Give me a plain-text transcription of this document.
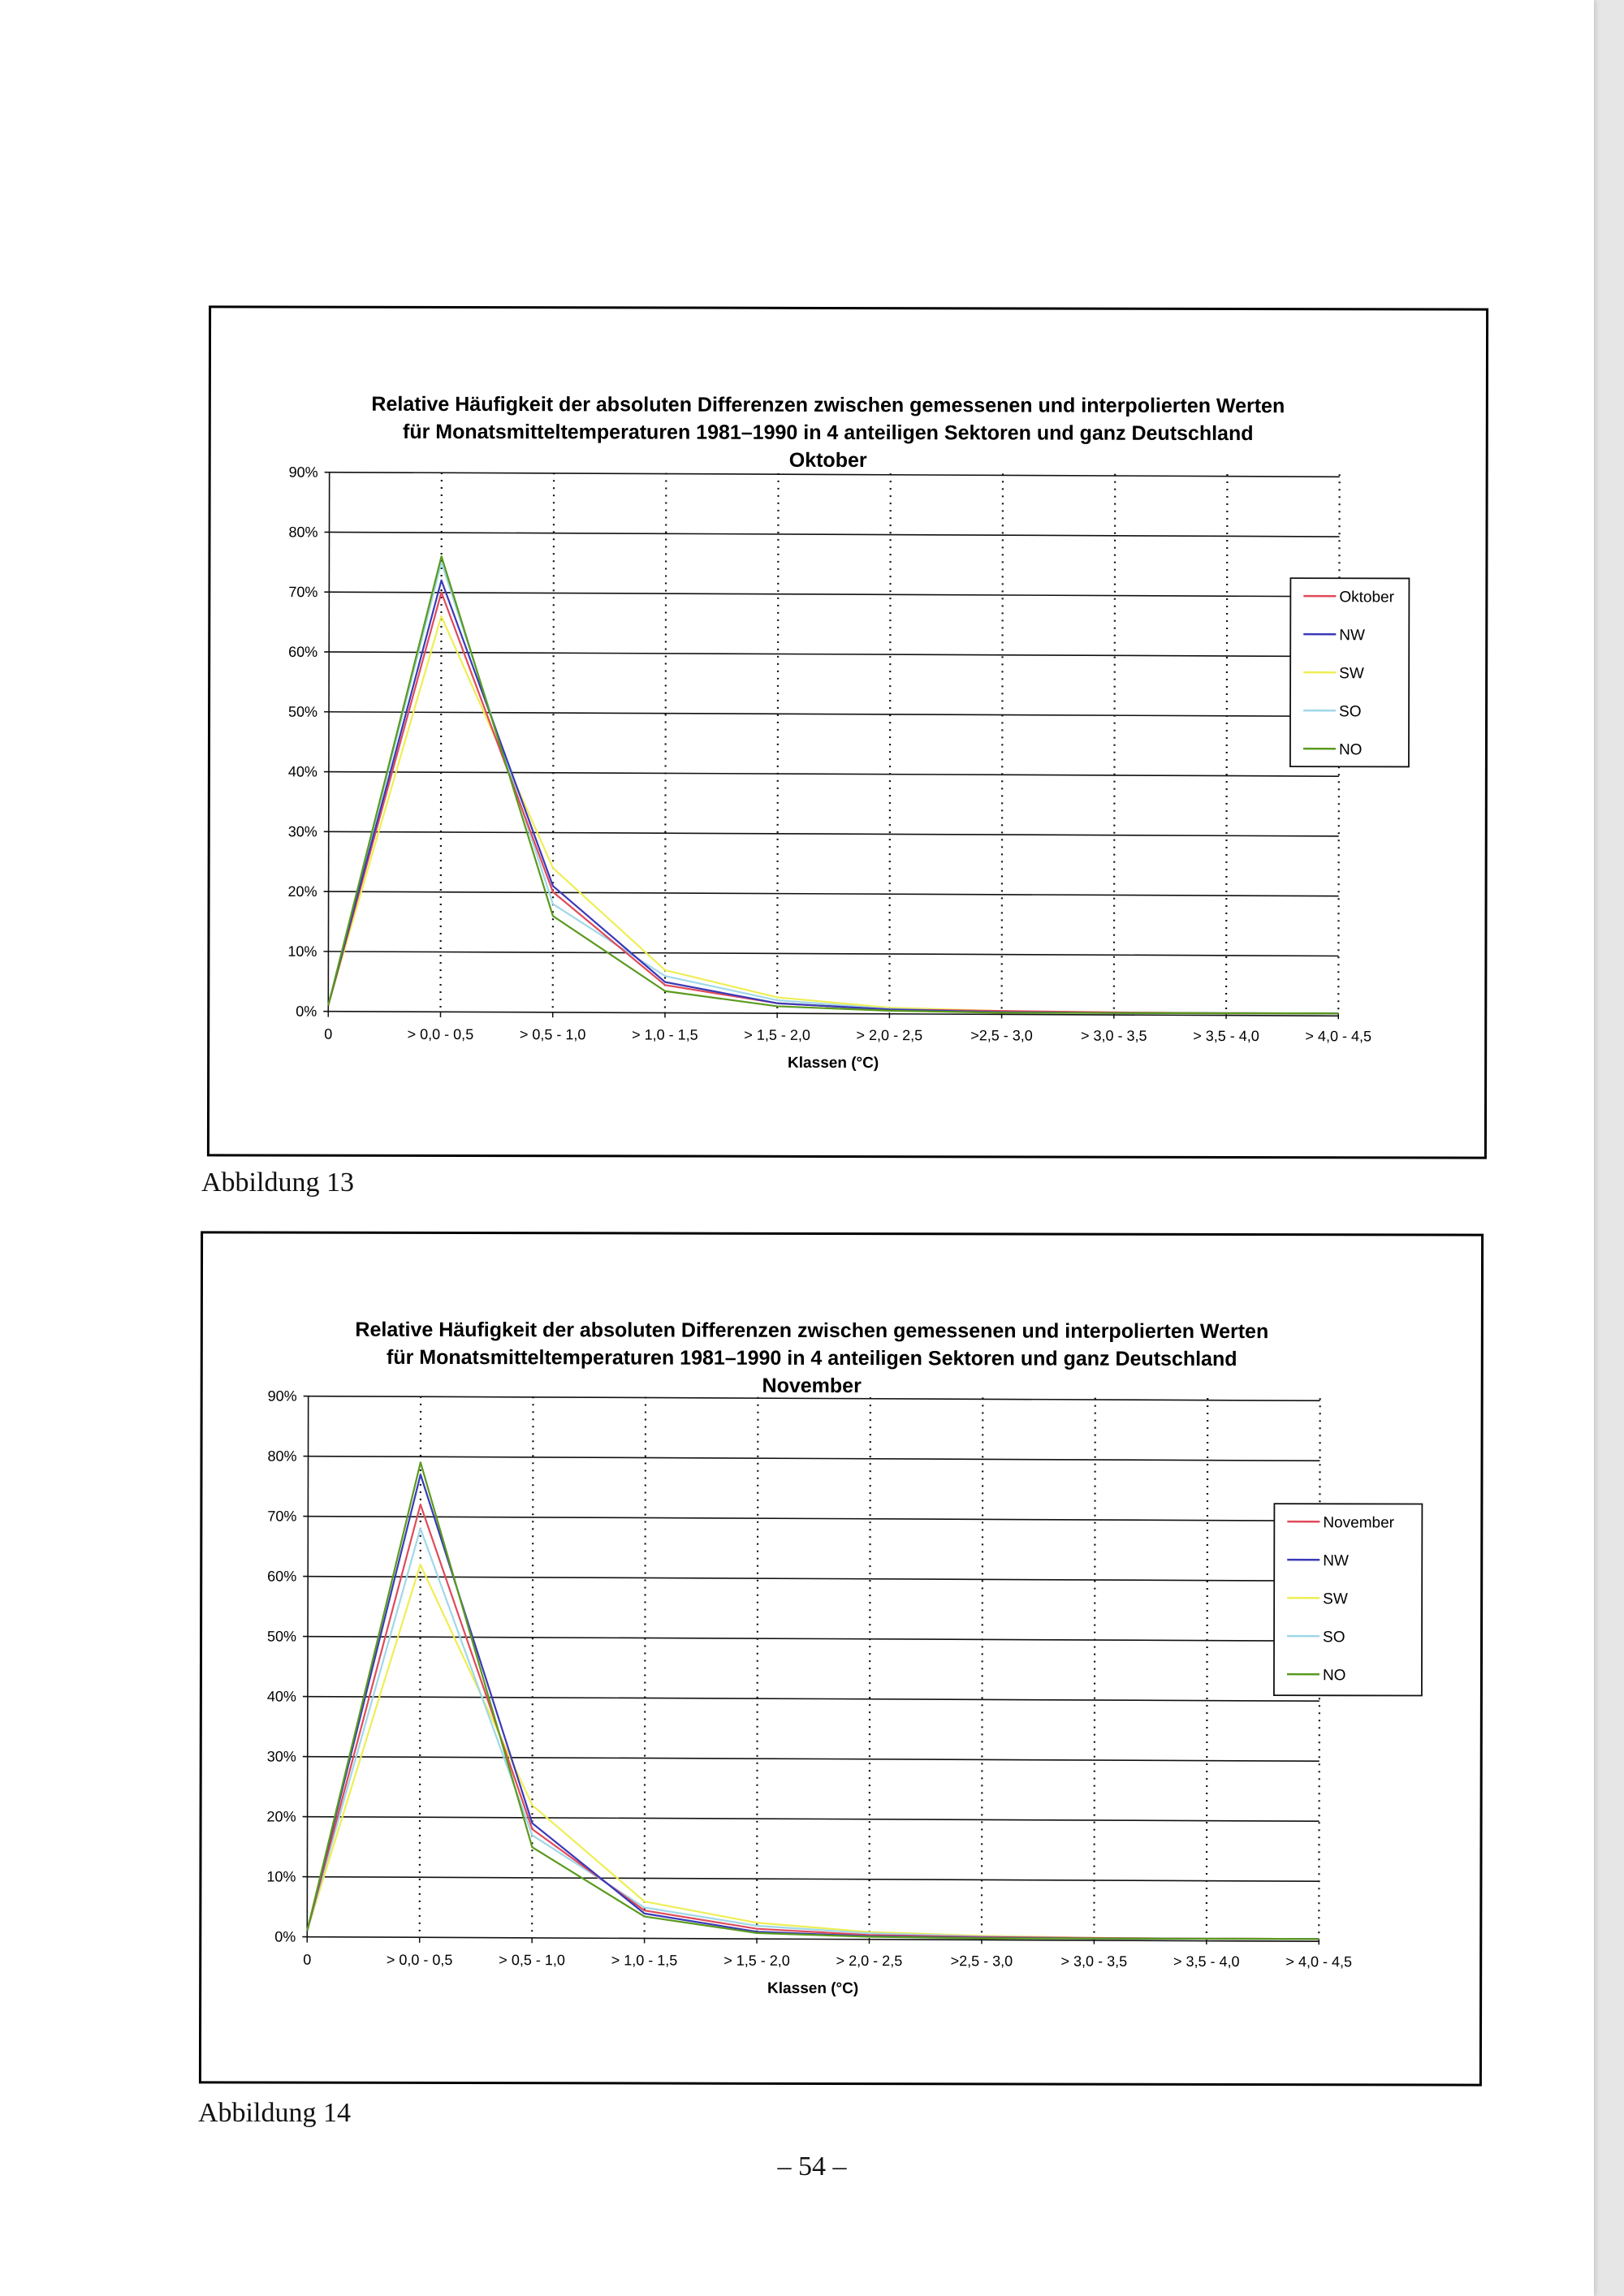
Relative Häufigkeit der absoluten Differenzen zwischen gemessenen und interpolierten Werten
für Monatsmitteltemperaturen 1981–1990 in 4 anteiligen Sektoren und ganz Deutschland
Oktober
0%
10%
20%
30%
40%
50%
60%
70%
80%
90%
0	> 0,0 - 0,5	> 0,5 - 1,0	> 1,0 - 1,5	> 1,5 - 2,0	> 2,0 - 2,5	>2,5 - 3,0	> 3,0 - 3,5	> 3,5 - 4,0	> 4,0 - 4,5
Klassen (°C)
Oktober
NW
SW
SO
NO
Abbildung 13
Relative Häufigkeit der absoluten Differenzen zwischen gemessenen und interpolierten Werten
für Monatsmitteltemperaturen 1981–1990 in 4 anteiligen Sektoren und ganz Deutschland
November
0%
10%
20%
30%
40%
50%
60%
70%
80%
90%
0	> 0,0 - 0,5	> 0,5 - 1,0	> 1,0 - 1,5	> 1,5 - 2,0	> 2,0 - 2,5	>2,5 - 3,0	> 3,0 - 3,5	> 3,5 - 4,0	> 4,0 - 4,5
Klassen (°C)
November
NW
SW
SO
NO
Abbildung 14
– 54 –
